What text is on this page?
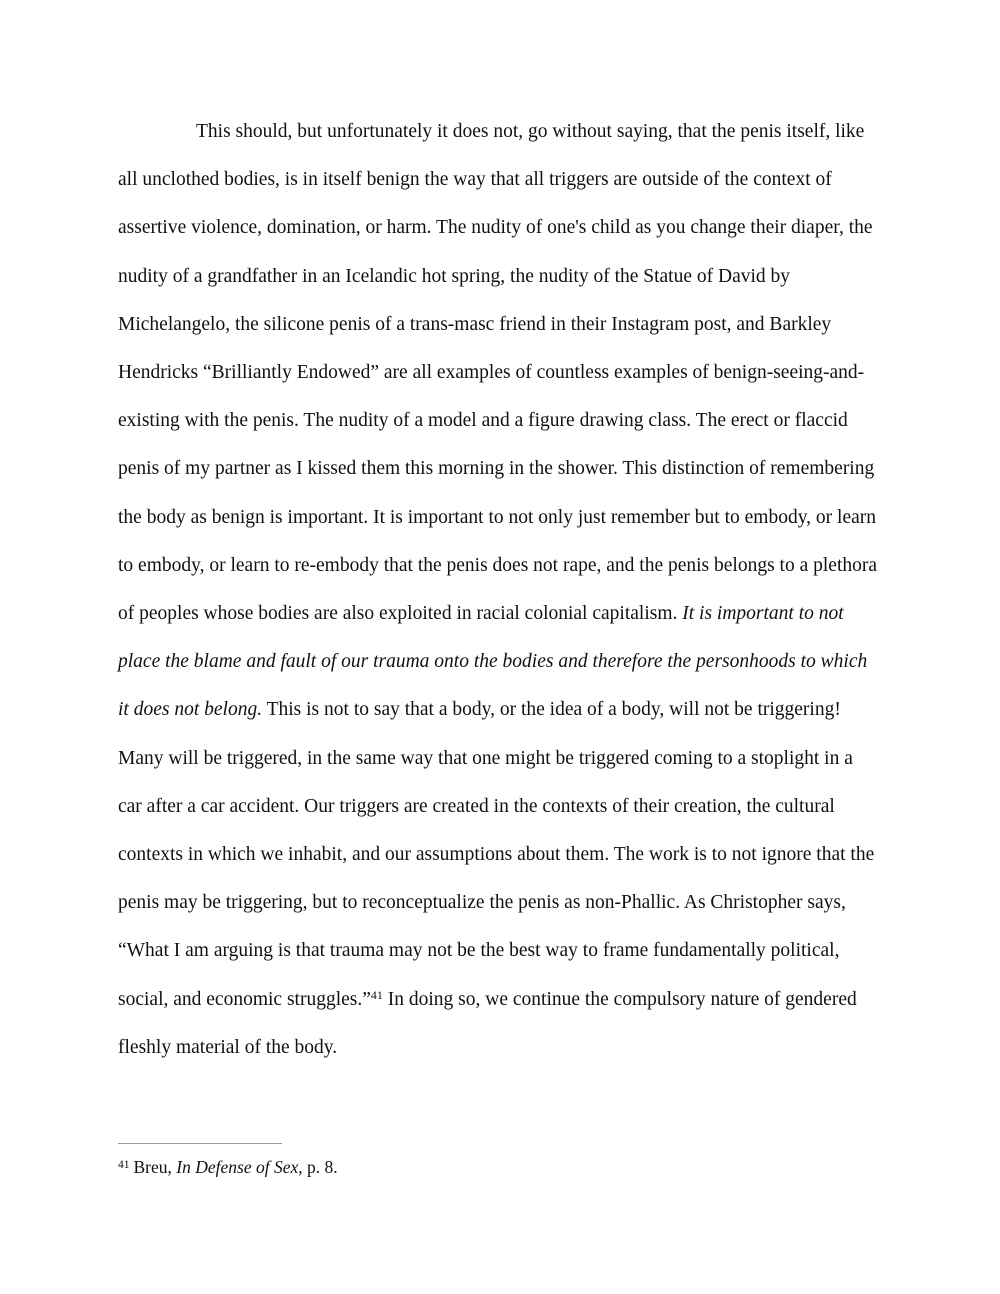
This should, but unfortunately it does not, go without saying, that the penis itself, like
all unclothed bodies, is in itself benign the way that all triggers are outside of the context of
assertive violence, domination, or harm. The nudity of one's child as you change their diaper, the
nudity of a grandfather in an Icelandic hot spring, the nudity of the Statue of David by
Michelangelo, the silicone penis of a trans-masc friend in their Instagram post, and Barkley
Hendricks “Brilliantly Endowed” are all examples of countless examples of benign-seeing-and-
existing with the penis. The nudity of a model and a figure drawing class. The erect or flaccid
penis of my partner as I kissed them this morning in the shower. This distinction of remembering
the body as benign is important. It is important to not only just remember but to embody, or learn
to embody, or learn to re-embody that the penis does not rape, and the penis belongs to a plethora
of peoples whose bodies are also exploited in racial colonial capitalism. It is important to not
place the blame and fault of our trauma onto the bodies and therefore the personhoods to which
it does not belong. This is not to say that a body, or the idea of a body, will not be triggering!
Many will be triggered, in the same way that one might be triggered coming to a stoplight in a
car after a car accident. Our triggers are created in the contexts of their creation, the cultural
contexts in which we inhabit, and our assumptions about them. The work is to not ignore that the
penis may be triggering, but to reconceptualize the penis as non-Phallic. As Christopher says,
“What I am arguing is that trauma may not be the best way to frame fundamentally political,
social, and economic struggles.”$^{41}$ In doing so, we continue the compulsory nature of gendered
fleshly material of the body.
$^{41}$ Breu, In Defense of Sex, p. 8.
